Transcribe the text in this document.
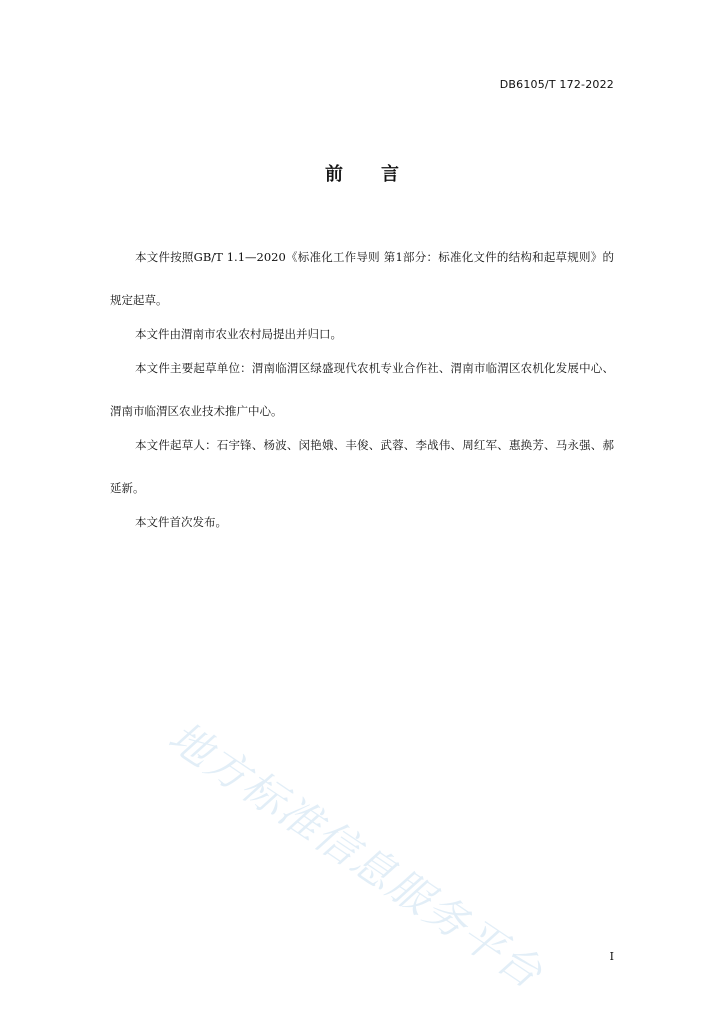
DB6105/T 172-2022
前言

本文件按照GB/T 1.1—2020《标准化工作导则 第1部分：标准化文件的结构和起草规则》的规定起草。

本文件由渭南市农业农村局提出并归口。

本文件主要起草单位：渭南临渭区绿盛现代农机专业合作社、渭南市临渭区农机化发展中心、渭南市临渭区农业技术推广中心。

本文件起草人：石宇锋、杨波、闵艳娥、丰俊、武蓉、李战伟、周红军、惠换芳、马永强、郝延新。

本文件首次发布。

地方标准信息服务平台	I
